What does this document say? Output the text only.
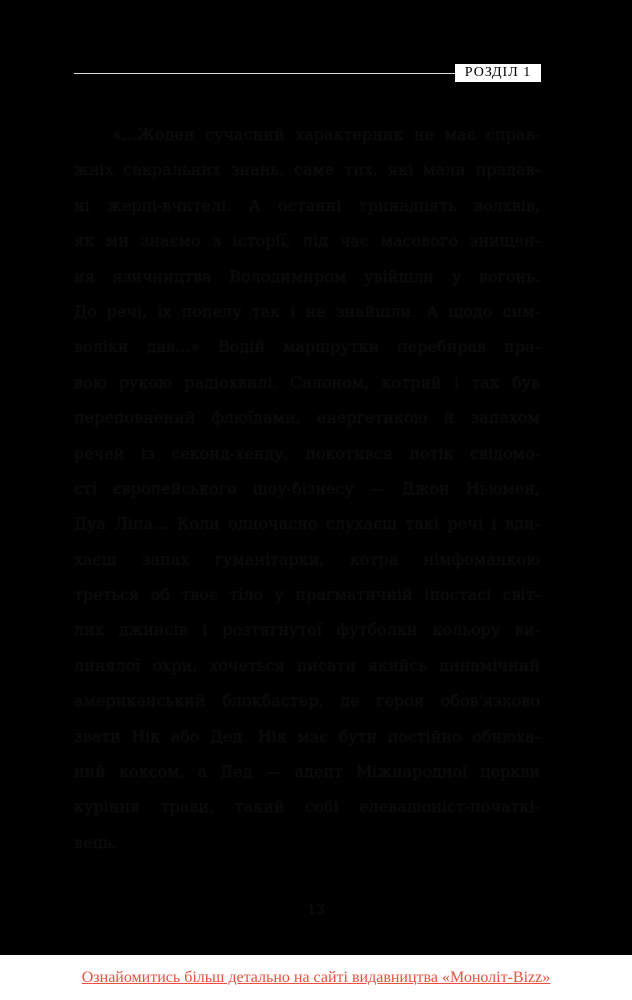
РОЗДІЛ 1
«...Жоден сучасний характерник не має справ-
жніх сакральних знань, саме тих, які мали прадав-
ні жерці-вчителі. А останні тринадцять волхвів,
як ми знаємо з історії, під час масового знищен-
ня язичництва Володимиром увійшли у вогонь.
До речі, їх попелу так і не знайшли. А щодо сим-
воліки дав...» Водій маршрутки перебирав пра-
вою рукою радіохвилі. Салоном, котрий і так був
переповнений флюїдами, енергетикою й запахом
речей із секонд-хенду, покотився потік свідомо-
сті європейського шоу-бізнесу — Джон Ньюмен,
Дуа Ліпа... Коли одночасно слухаєш такі речі і вди-
хаєш запах гуманітарки, котра німфоманкою
треться об твоє тіло у прагматичній іпостасі світ-
лих джинсів і розтягнутої футболки кольору ви-
линялої охри, хочеться писати якийсь динамічний
американський блокбастер, де героя обов'язково
звати Нік або Дед. Нік має бути постійно обнюха-
ний коксом, а Дед — адепт Міжнародної церкви
куріння трави, такий собі елевашоніст-початкі-
вець.
13
Ознайомитись більш детально на сайті видавництва «Моноліт-Bizz»
